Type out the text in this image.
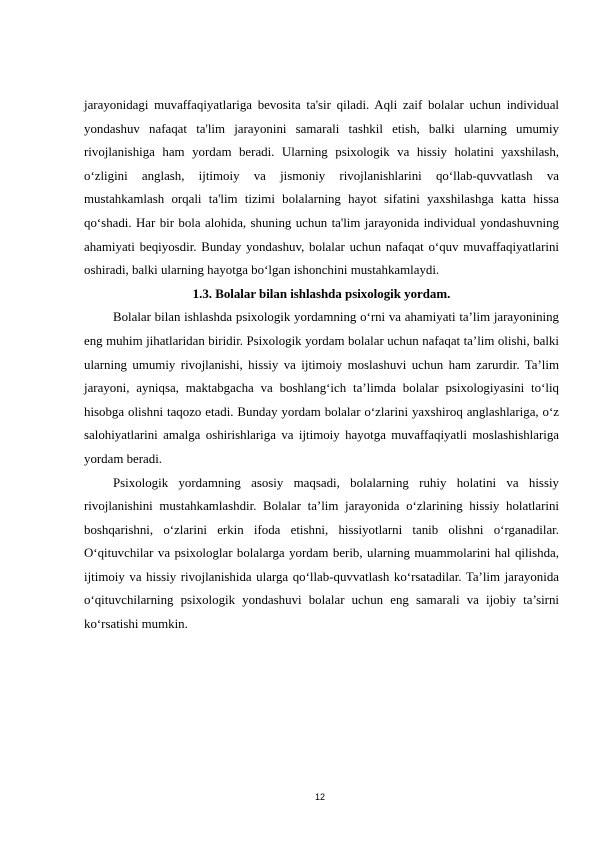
jarayonidagi muvaffaqiyatlariga bevosita ta'sir qiladi. Aqli zaif bolalar uchun individual yondashuv nafaqat ta'lim jarayonini samarali tashkil etish, balki ularning umumiy rivojlanishiga ham yordam beradi. Ularning psixologik va hissiy holatini yaxshilash, o‘zligini anglash, ijtimoiy va jismoniy rivojlanishlarini qo‘llab-quvvatlash va mustahkamlash orqali ta'lim tizimi bolalarning hayot sifatini yaxshilashga katta hissa qo‘shadi. Har bir bola alohida, shuning uchun ta'lim jarayonida individual yondashuvning ahamiyati beqiyosdir. Bunday yondashuv, bolalar uchun nafaqat o‘quv muvaffaqiyatlarini oshiradi, balki ularning hayotga bo‘lgan ishonchini mustahkamlaydi.

1.3. Bolalar bilan ishlashda psixologik yordam.

Bolalar bilan ishlashda psixologik yordamning o‘rni va ahamiyati ta’lim jarayonining eng muhim jihatlaridan biridir. Psixologik yordam bolalar uchun nafaqat ta’lim olishi, balki ularning umumiy rivojlanishi, hissiy va ijtimoiy moslashuvi uchun ham zarurdir. Ta’lim jarayoni, ayniqsa, maktabgacha va boshlang‘ich ta’limda bolalar psixologiyasini to‘liq hisobga olishni taqozo etadi. Bunday yordam bolalar o‘zlarini yaxshiroq anglashlariga, o‘z salohiyatlarini amalga oshirishlariga va ijtimoiy hayotga muvaffaqiyatli moslashishlariga yordam beradi.

Psixologik yordamning asosiy maqsadi, bolalarning ruhiy holatini va hissiy rivojlanishini mustahkamlashdir. Bolalar ta’lim jarayonida o‘zlarining hissiy holatlarini boshqarishni, o‘zlarini erkin ifoda etishni, hissiyotlarni tanib olishni o‘rganadilar. O‘qituvchilar va psixologlar bolalarga yordam berib, ularning muammolarini hal qilishda, ijtimoiy va hissiy rivojlanishida ularga qo‘llab-quvvatlash ko‘rsatadilar. Ta’lim jarayonida o‘qituvchilarning psixologik yondashuvi bolalar uchun eng samarali va ijobiy ta’sirni ko‘rsatishi mumkin.

12
